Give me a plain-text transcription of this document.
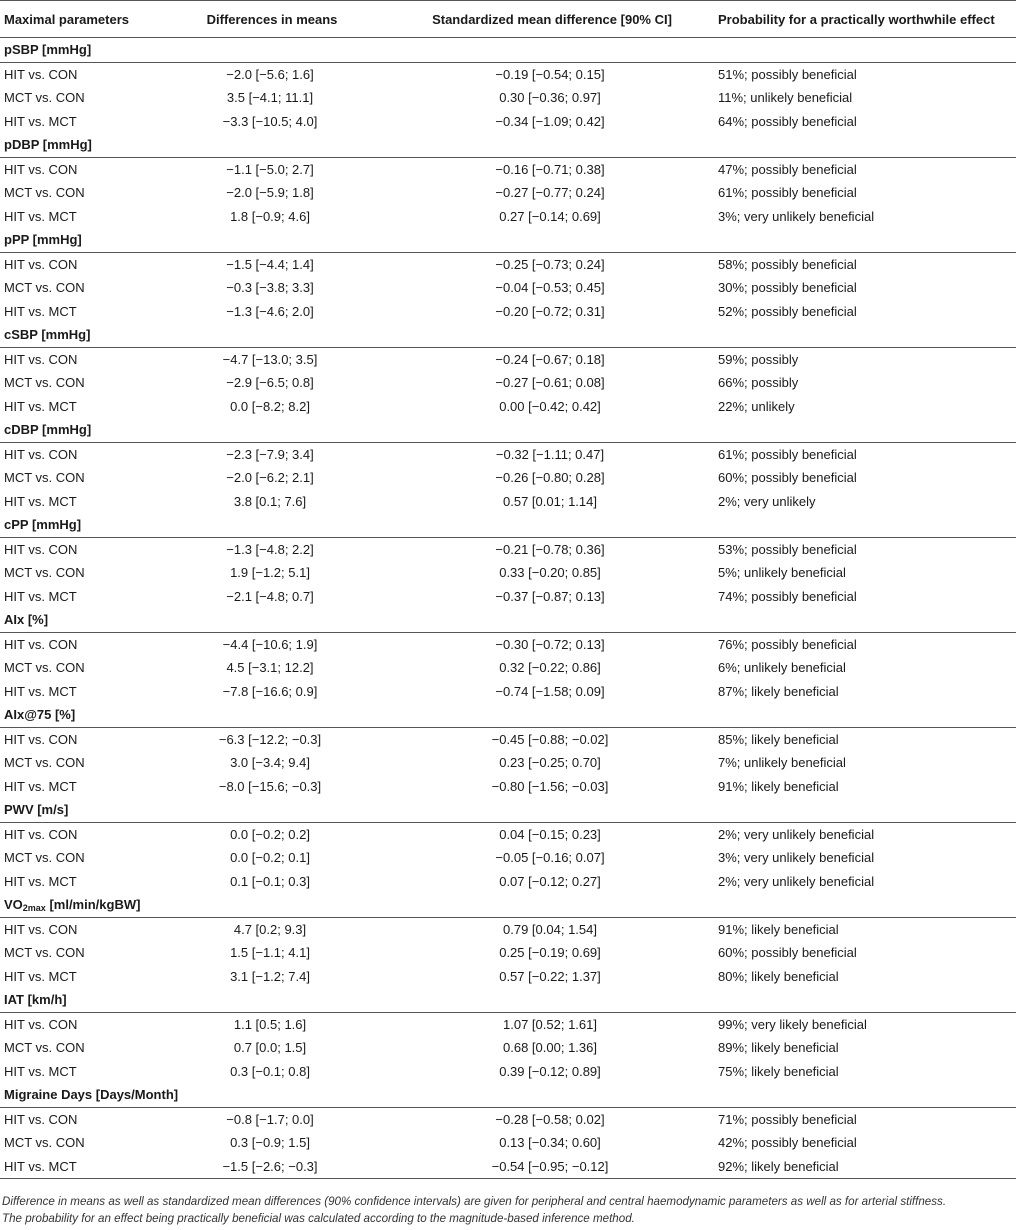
Maximal parameters	Differences in means	Standardized mean difference [90% CI]	Probability for a practically worthwhile effect
pSBP [mmHg]			
HIT vs. CON	−2.0 [−5.6; 1.6]	−0.19 [−0.54; 0.15]	51%; possibly beneficial
MCT vs. CON	3.5 [−4.1; 11.1]	0.30 [−0.36; 0.97]	11%; unlikely beneficial
HIT vs. MCT	−3.3 [−10.5; 4.0]	−0.34 [−1.09; 0.42]	64%; possibly beneficial
pDBP [mmHg]			
HIT vs. CON	−1.1 [−5.0; 2.7]	−0.16 [−0.71; 0.38]	47%; possibly beneficial
MCT vs. CON	−2.0 [−5.9; 1.8]	−0.27 [−0.77; 0.24]	61%; possibly beneficial
HIT vs. MCT	1.8 [−0.9; 4.6]	0.27 [−0.14; 0.69]	3%; very unlikely beneficial
pPP [mmHg]			
HIT vs. CON	−1.5 [−4.4; 1.4]	−0.25 [−0.73; 0.24]	58%; possibly beneficial
MCT vs. CON	−0.3 [−3.8; 3.3]	−0.04 [−0.53; 0.45]	30%; possibly beneficial
HIT vs. MCT	−1.3 [−4.6; 2.0]	−0.20 [−0.72; 0.31]	52%; possibly beneficial
cSBP [mmHg]			
HIT vs. CON	−4.7 [−13.0; 3.5]	−0.24 [−0.67; 0.18]	59%; possibly
MCT vs. CON	−2.9 [−6.5; 0.8]	−0.27 [−0.61; 0.08]	66%; possibly
HIT vs. MCT	0.0 [−8.2; 8.2]	0.00 [−0.42; 0.42]	22%; unlikely
cDBP [mmHg]			
HIT vs. CON	−2.3 [−7.9; 3.4]	−0.32 [−1.11; 0.47]	61%; possibly beneficial
MCT vs. CON	−2.0 [−6.2; 2.1]	−0.26 [−0.80; 0.28]	60%; possibly beneficial
HIT vs. MCT	3.8 [0.1; 7.6]	0.57 [0.01; 1.14]	2%; very unlikely
cPP [mmHg]			
HIT vs. CON	−1.3 [−4.8; 2.2]	−0.21 [−0.78; 0.36]	53%; possibly beneficial
MCT vs. CON	1.9 [−1.2; 5.1]	0.33 [−0.20; 0.85]	5%; unlikely beneficial
HIT vs. MCT	−2.1 [−4.8; 0.7]	−0.37 [−0.87; 0.13]	74%; possibly beneficial
AIx [%]			
HIT vs. CON	−4.4 [−10.6; 1.9]	−0.30 [−0.72; 0.13]	76%; possibly beneficial
MCT vs. CON	4.5 [−3.1; 12.2]	0.32 [−0.22; 0.86]	6%; unlikely beneficial
HIT vs. MCT	−7.8 [−16.6; 0.9]	−0.74 [−1.58; 0.09]	87%; likely beneficial
AIx@75 [%]			
HIT vs. CON	−6.3 [−12.2; −0.3]	−0.45 [−0.88; −0.02]	85%; likely beneficial
MCT vs. CON	3.0 [−3.4; 9.4]	0.23 [−0.25; 0.70]	7%; unlikely beneficial
HIT vs. MCT	−8.0 [−15.6; −0.3]	−0.80 [−1.56; −0.03]	91%; likely beneficial
PWV [m/s]			
HIT vs. CON	0.0 [−0.2; 0.2]	0.04 [−0.15; 0.23]	2%; very unlikely beneficial
MCT vs. CON	0.0 [−0.2; 0.1]	−0.05 [−0.16; 0.07]	3%; very unlikely beneficial
HIT vs. MCT	0.1 [−0.1; 0.3]	0.07 [−0.12; 0.27]	2%; very unlikely beneficial
$VO_{2max}$ [ml/min/kgBW]			
HIT vs. CON	4.7 [0.2; 9.3]	0.79 [0.04; 1.54]	91%; likely beneficial
MCT vs. CON	1.5 [−1.1; 4.1]	0.25 [−0.19; 0.69]	60%; possibly beneficial
HIT vs. MCT	3.1 [−1.2; 7.4]	0.57 [−0.22; 1.37]	80%; likely beneficial
IAT [km/h]			
HIT vs. CON	1.1 [0.5; 1.6]	1.07 [0.52; 1.61]	99%; very likely beneficial
MCT vs. CON	0.7 [0.0; 1.5]	0.68 [0.00; 1.36]	89%; likely beneficial
HIT vs. MCT	0.3 [−0.1; 0.8]	0.39 [−0.12; 0.89]	75%; likely beneficial
Migraine Days [Days/Month]			
HIT vs. CON	−0.8 [−1.7; 0.0]	−0.28 [−0.58; 0.02]	71%; possibly beneficial
MCT vs. CON	0.3 [−0.9; 1.5]	0.13 [−0.34; 0.60]	42%; possibly beneficial
HIT vs. MCT	−1.5 [−2.6; −0.3]	−0.54 [−0.95; −0.12]	92%; likely beneficial
Difference in means as well as standardized mean differences (90% confidence intervals) are given for peripheral and central haemodynamic parameters as well as for arterial stiffness.
The probability for an effect being practically beneficial was calculated according to the magnitude-based inference method.
